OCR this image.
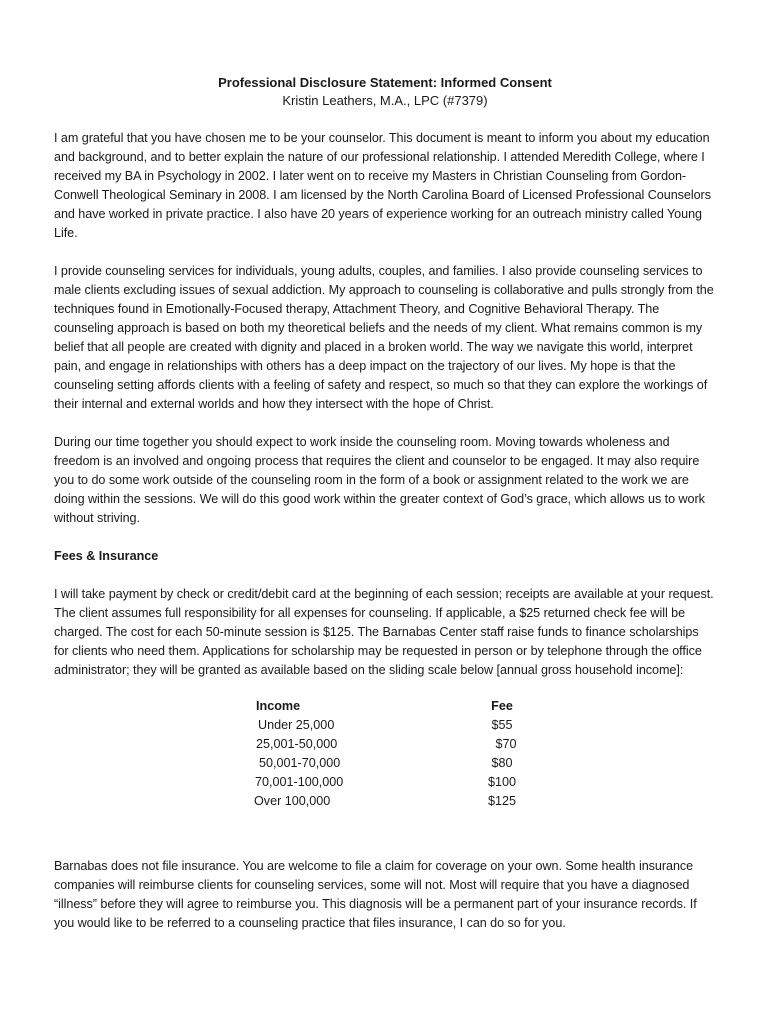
Professional Disclosure Statement: Informed Consent
Kristin Leathers, M.A., LPC (#7379)

I am grateful that you have chosen me to be your counselor. This document is meant to inform you about my education and background, and to better explain the nature of our professional relationship. I attended Meredith College, where I received my BA in Psychology in 2002. I later went on to receive my Masters in Christian Counseling from Gordon-Conwell Theological Seminary in 2008. I am licensed by the North Carolina Board of Licensed Professional Counselors and have worked in private practice. I also have 20 years of experience working for an outreach ministry called Young Life.

I provide counseling services for individuals, young adults, couples, and families. I also provide counseling services to male clients excluding issues of sexual addiction. My approach to counseling is collaborative and pulls strongly from the techniques found in Emotionally-Focused therapy, Attachment Theory, and Cognitive Behavioral Therapy. The counseling approach is based on both my theoretical beliefs and the needs of my client. What remains common is my belief that all people are created with dignity and placed in a broken world. The way we navigate this world, interpret pain, and engage in relationships with others has a deep impact on the trajectory of our lives. My hope is that the counseling setting affords clients with a feeling of safety and respect, so much so that they can explore the workings of their internal and external worlds and how they intersect with the hope of Christ.

During our time together you should expect to work inside the counseling room. Moving towards wholeness and freedom is an involved and ongoing process that requires the client and counselor to be engaged. It may also require you to do some work outside of the counseling room in the form of a book or assignment related to the work we are doing within the sessions. We will do this good work within the greater context of God’s grace, which allows us to work without striving.

Fees & Insurance

I will take payment by check or credit/debit card at the beginning of each session; receipts are available at your request. The client assumes full responsibility for all expenses for counseling. If applicable, a $25 returned check fee will be charged. The cost for each 50-minute session is $125. The Barnabas Center staff raise funds to finance scholarships for clients who need them. Applications for scholarship may be requested in person or by telephone through the office administrator; they will be granted as available based on the sliding scale below [annual gross household income]:

Income	Fee
Under 25,000	$55
25,001-50,000	$70
50,001-70,000	$80
70,001-100,000	$100
Over 100,000	$125

Barnabas does not file insurance. You are welcome to file a claim for coverage on your own. Some health insurance companies will reimburse clients for counseling services, some will not. Most will require that you have a diagnosed “illness” before they will agree to reimburse you. This diagnosis will be a permanent part of your insurance records. If you would like to be referred to a counseling practice that files insurance, I can do so for you.
